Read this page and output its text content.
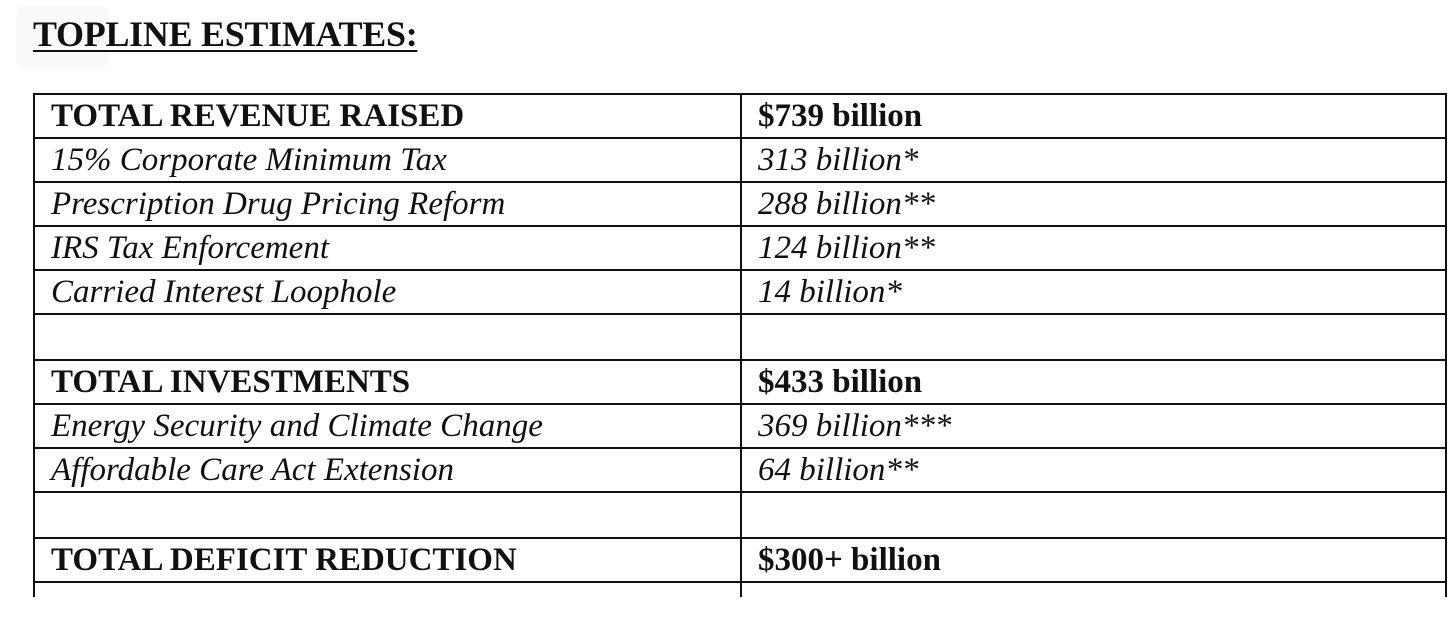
TOPLINE ESTIMATES:
TOTAL REVENUE RAISED	$739 billion
15% Corporate Minimum Tax	313 billion*
Prescription Drug Pricing Reform	288 billion**
IRS Tax Enforcement	124 billion**
Carried Interest Loophole	14 billion*

TOTAL INVESTMENTS	$433 billion
Energy Security and Climate Change	369 billion***
Affordable Care Act Extension	64 billion**

TOTAL DEFICIT REDUCTION	$300+ billion
